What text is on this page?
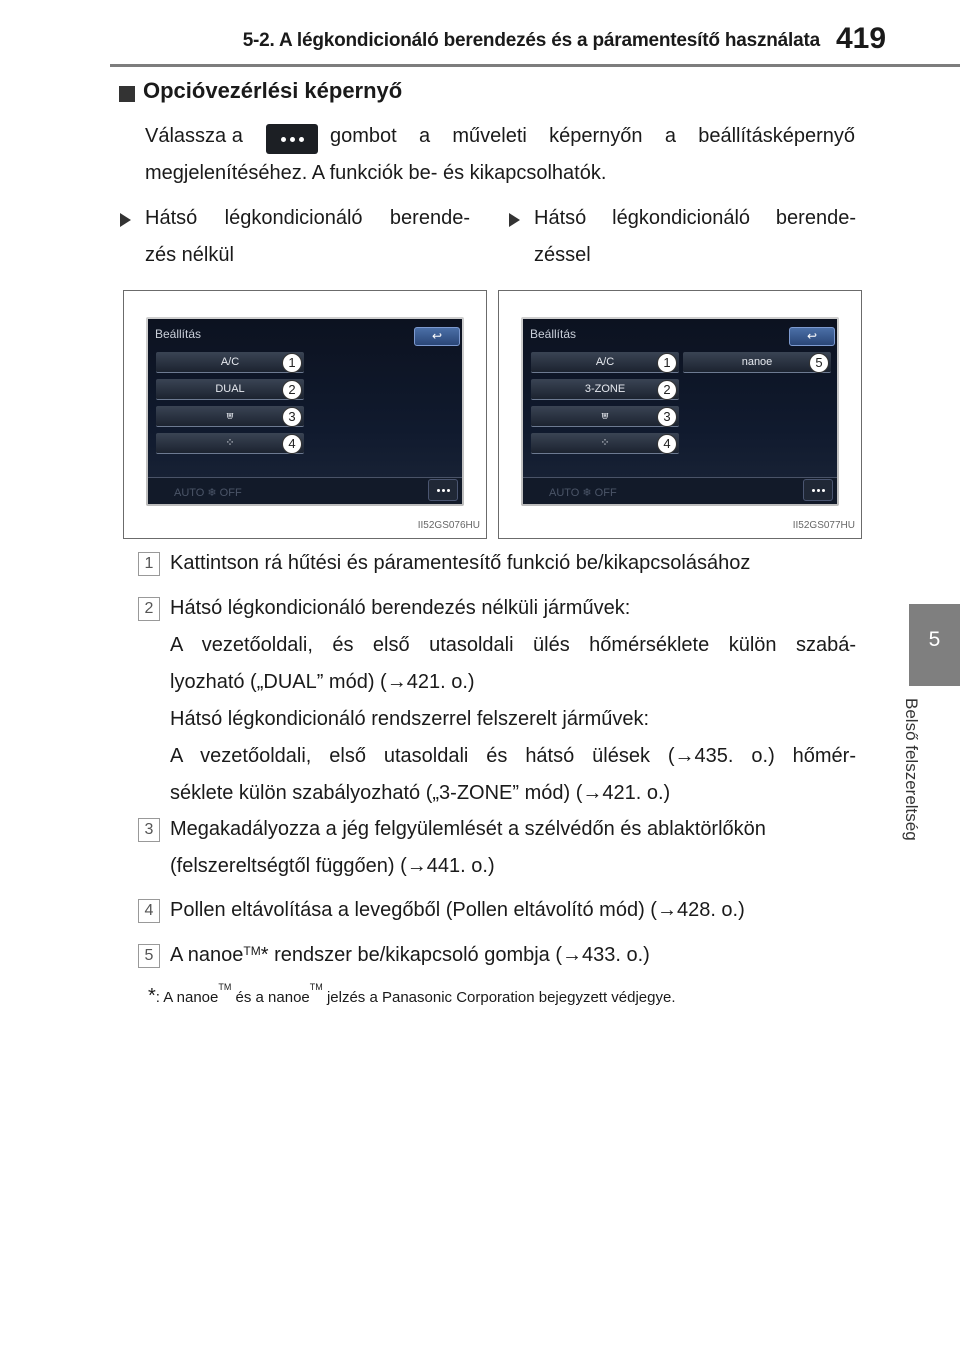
5-2. A légkondicionáló berendezés és a páramentesítő használata 419
5
Belső felszereltség
Opcióvezérlési képernyő
Válassza a	gombot a műveleti képernyőn a beállításképernyő
megjelenítéséhez. A funkciók be- és kikapcsolhatók.
Hátsó légkondicionáló berende-
zés nélkül
Hátsó légkondicionáló berende-
zéssel
Beállítás	↩
A/C	1
DUAL	2
⩐	3
⁘	4
AUTO ❄ OFF
II52GS076HU
Beállítás	↩
A/C	1
3-ZONE	2
⩐	3
⁘	4
nanoe	5
AUTO ❄ OFF
II52GS077HU
1 Kattintson rá hűtési és páramentesítő funkció be/kikapcsolásához
2 Hátsó légkondicionáló berendezés nélküli járművek:
A vezetőoldali, és első utasoldali ülés hőmérséklete külön szabá-
lyozható („DUAL” mód) (→421. o.)
Hátsó légkondicionáló rendszerrel felszerelt járművek:
A vezetőoldali, első utasoldali és hátsó ülések (→435. o.) hőmér-
séklete külön szabályozható („3-ZONE” mód) (→421. o.)
3 Megakadályozza a jég felgyülemlését a szélvédőn és ablaktörlőkön
(felszereltségtől függően) (→441. o.)
4 Pollen eltávolítása a levegőből (Pollen eltávolító mód) (→428. o.)
5 A nanoe™* rendszer be/kikapcsoló gombja (→433. o.)
*: A nanoe™ és a nanoe™ jelzés a Panasonic Corporation bejegyzett védjegye.
